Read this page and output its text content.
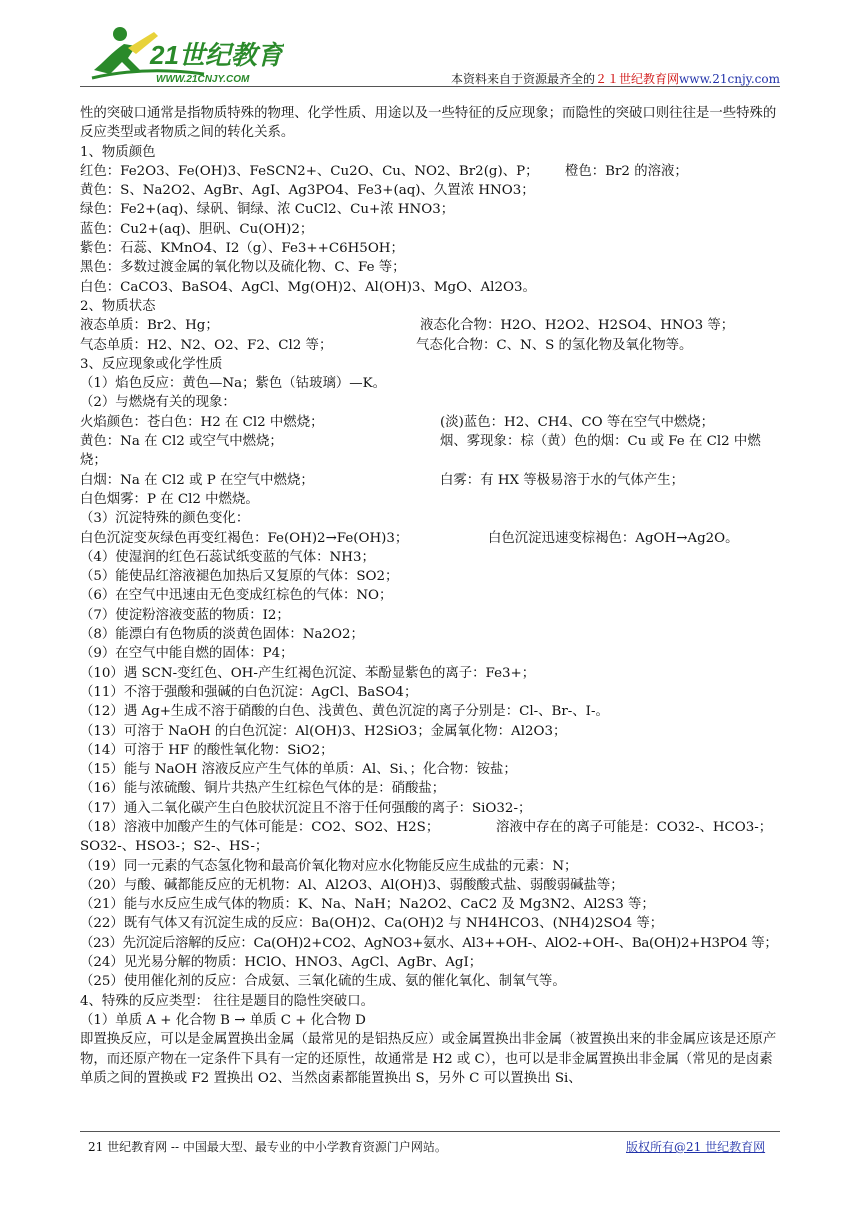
21世纪教育
WWW.21CNJY.COM	本资料来自于资源最齐全的２１世纪教育网www.21cnjy.com
性的突破口通常是指物质特殊的物理、化学性质、用途以及一些特征的反应现象；而隐性的突破口则往往是一些特殊的反应类型或者物质之间的转化关系。
1、物质颜色
红色：Fe2O3、Fe(OH)3、FeSCN2+、Cu2O、Cu、NO2、Br2(g)、P； 橙色：Br2 的溶液；
黄色：S、Na2O2、AgBr、AgI、Ag3PO4、Fe3+(aq)、久置浓 HNO3；
绿色：Fe2+(aq)、绿矾、铜绿、浓 CuCl2、Cu+浓 HNO3；
蓝色：Cu2+(aq)、胆矾、Cu(OH)2；
紫色：石蕊、KMnO4、I2（g）、Fe3++C6H5OH；
黑色：多数过渡金属的氧化物以及硫化物、C、Fe 等；
白色：CaCO3、BaSO4、AgCl、Mg(OH)2、Al(OH)3、MgO、Al2O3。
2、物质状态
液态单质：Br2、Hg；	液态化合物：H2O、H2O2、H2SO4、HNO3 等；
气态单质：H2、N2、O2、F2、Cl2 等；	气态化合物：C、N、S 的氢化物及氧化物等。
3、反应现象或化学性质
（1）焰色反应：黄色—Na；紫色（钴玻璃）—K。
（2）与燃烧有关的现象：
火焰颜色：苍白色：H2 在 Cl2 中燃烧；	(淡)蓝色：H2、CH4、CO 等在空气中燃烧；
黄色：Na 在 Cl2 或空气中燃烧；	烟、雾现象：棕（黄）色的烟：Cu 或 Fe 在 Cl2 中燃
烧；
白烟：Na 在 Cl2 或 P 在空气中燃烧；	白雾：有 HX 等极易溶于水的气体产生；
白色烟雾：P 在 Cl2 中燃烧。
（3）沉淀特殊的颜色变化：
白色沉淀变灰绿色再变红褐色：Fe(OH)2→Fe(OH)3；	白色沉淀迅速变棕褐色：AgOH→Ag2O。
（4）使湿润的红色石蕊试纸变蓝的气体：NH3；
（5）能使品红溶液褪色加热后又复原的气体：SO2；
（6）在空气中迅速由无色变成红棕色的气体：NO；
（7）使淀粉溶液变蓝的物质：I2；
（8）能漂白有色物质的淡黄色固体：Na2O2；
（9）在空气中能自燃的固体：P4；
（10）遇 SCN-变红色、OH-产生红褐色沉淀、苯酚显紫色的离子：Fe3+；
（11）不溶于强酸和强碱的白色沉淀：AgCl、BaSO4；
（12）遇 Ag+生成不溶于硝酸的白色、浅黄色、黄色沉淀的离子分别是：Cl-、Br-、I-。
（13）可溶于 NaOH 的白色沉淀：Al(OH)3、H2SiO3；金属氧化物：Al2O3；
（14）可溶于 HF 的酸性氧化物：SiO2；
（15）能与 NaOH 溶液反应产生气体的单质：Al、Si、；化合物：铵盐；
（16）能与浓硫酸、铜片共热产生红棕色气体的是：硝酸盐；
（17）通入二氧化碳产生白色胶状沉淀且不溶于任何强酸的离子：SiO32-；
（18）溶液中加酸产生的气体可能是：CO2、SO2、H2S；	溶液中存在的离子可能是：CO32-、HCO3-；
SO32-、HSO3-；S2-、HS-；
（19）同一元素的气态氢化物和最高价氧化物对应水化物能反应生成盐的元素：N；
（20）与酸、碱都能反应的无机物：Al、Al2O3、Al(OH)3、弱酸酸式盐、弱酸弱碱盐等；
（21）能与水反应生成气体的物质：K、Na、NaH；Na2O2、CaC2 及 Mg3N2、Al2S3 等；
（22）既有气体又有沉淀生成的反应：Ba(OH)2、Ca(OH)2 与 NH4HCO3、(NH4)2SO4 等；
（23）先沉淀后溶解的反应：Ca(OH)2+CO2、AgNO3+氨水、Al3++OH-、AlO2-+OH-、Ba(OH)2+H3PO4 等；
（24）见光易分解的物质：HClO、HNO3、AgCl、AgBr、AgI；
（25）使用催化剂的反应：合成氨、三氧化硫的生成、氨的催化氧化、制氧气等。
4、特殊的反应类型： 往往是题目的隐性突破口。
（1）单质 A + 化合物 B → 单质 C + 化合物 D
即置换反应，可以是金属置换出金属（最常见的是铝热反应）或金属置换出非金属（被置换出来的非金属应该是还原产物，而还原产物在一定条件下具有一定的还原性，故通常是 H2 或 C），也可以是非金属置换出非金属（常见的是卤素单质之间的置换或 F2 置换出 O2、当然卤素都能置换出 S，另外 C 可以置换出 Si、
21 世纪教育网 -- 中国最大型、最专业的中小学教育资源门户网站。	版权所有@21 世纪教育网
